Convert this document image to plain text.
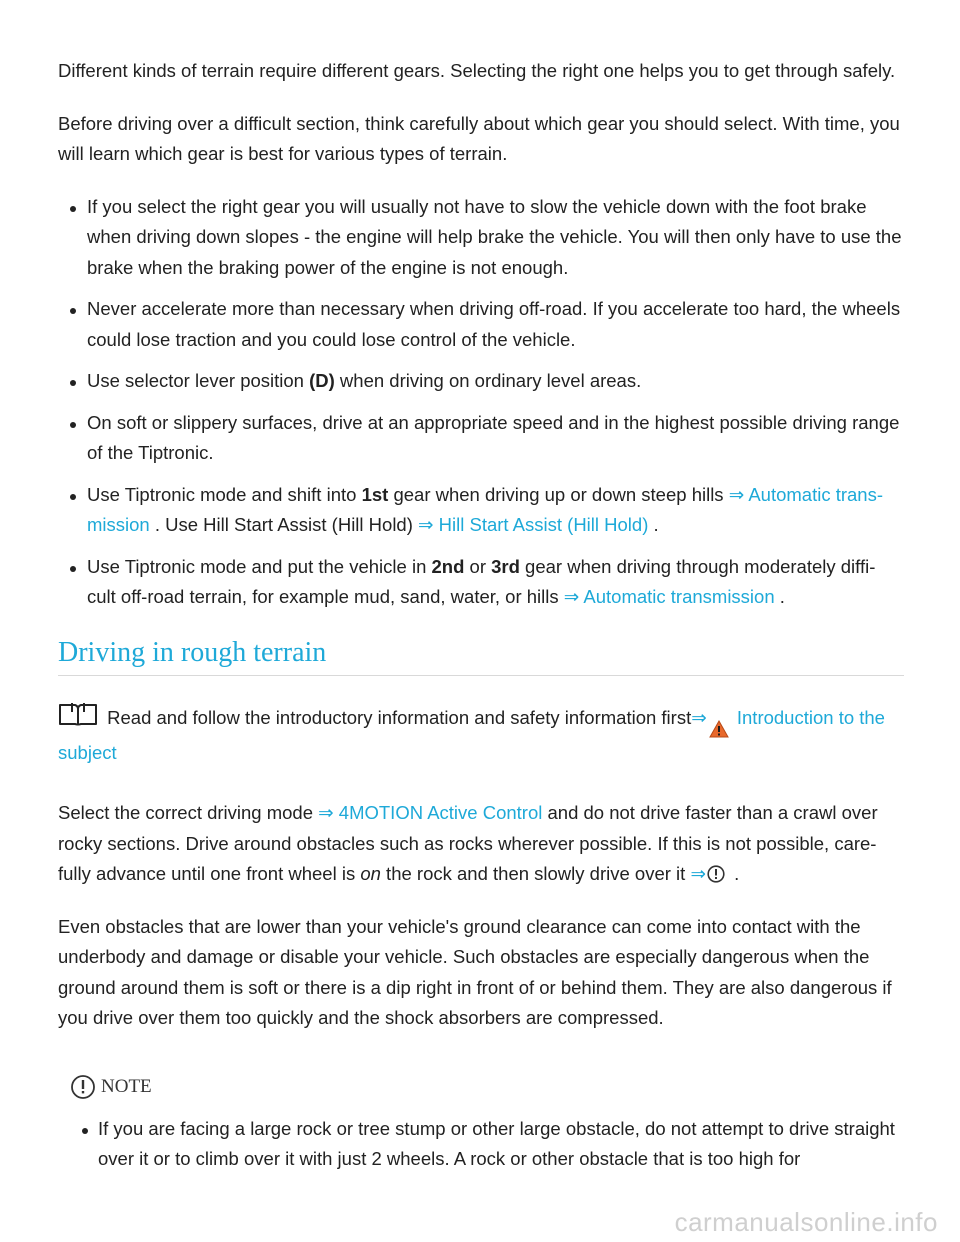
Different kinds of terrain require different gears. Selecting the right one helps you to get through safely.

Before driving over a difficult section, think carefully about which gear you should select. With time, you will learn which gear is best for various types of terrain.

If you select the right gear you will usually not have to slow the vehicle down with the foot brake when driving down slopes - the engine will help brake the vehicle. You will then only have to use the brake when the braking power of the engine is not enough.
Never accelerate more than necessary when driving off-road. If you accelerate too hard, the wheels could lose traction and you could lose control of the vehicle.
Use selector lever position (D) when driving on ordinary level areas.
On soft or slippery surfaces, drive at an appropriate speed and in the highest possible driving range of the Tiptronic.
Use Tiptronic mode and shift into 1st gear when driving up or down steep hills ⇒ Automatic trans-mission . Use Hill Start Assist (Hill Hold) ⇒ Hill Start Assist (Hill Hold) .
Use Tiptronic mode and put the vehicle in 2nd or 3rd gear when driving through moderately diffi-cult off-road terrain, for example mud, sand, water, or hills ⇒ Automatic transmission .
Driving in rough terrain

Read and follow the introductory information and safety information first⇒ Introduction to the subject

Select the correct driving mode ⇒ 4MOTION Active Control and do not drive faster than a crawl over rocky sections. Drive around obstacles such as rocks wherever possible. If this is not possible, care-fully advance until one front wheel is on the rock and then slowly drive over it ⇒ .

Even obstacles that are lower than your vehicle's ground clearance can come into contact with the underbody and damage or disable your vehicle. Such obstacles are especially dangerous when the ground around them is soft or there is a dip right in front of or behind them. They are also dangerous if you drive over them too quickly and the shock absorbers are compressed.

NOTE
If you are facing a large rock or tree stump or other large obstacle, do not attempt to drive straight over it or to climb over it with just 2 wheels. A rock or other obstacle that is too high for
carmanualsonline.info
